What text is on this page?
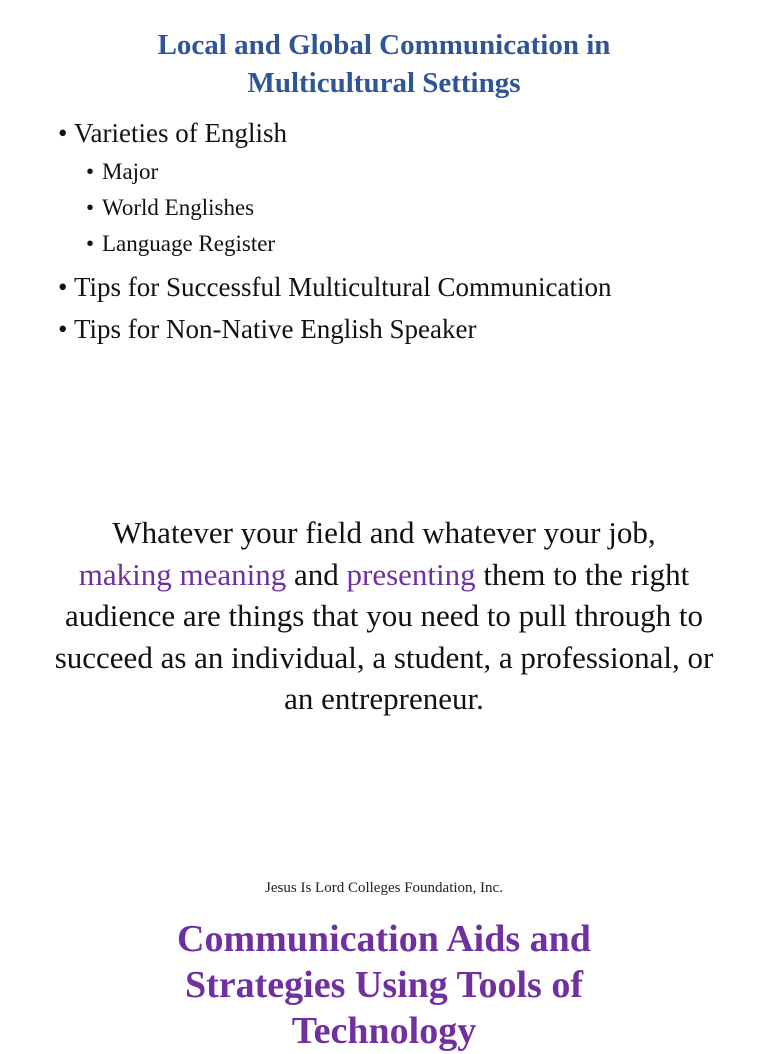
Local and Global Communication in
Multicultural Settings
• Varieties of English
• Major
• World Englishes
• Language Register
• Tips for Successful Multicultural Communication
• Tips for Non-Native English Speaker
Whatever your field and whatever your job,
making meaning and presenting them to the right audience are things that you need to pull through to succeed as an individual, a student, a professional, or an entrepreneur.
Jesus Is Lord Colleges Foundation, Inc.
Communication Aids and
Strategies Using Tools of
Technology
